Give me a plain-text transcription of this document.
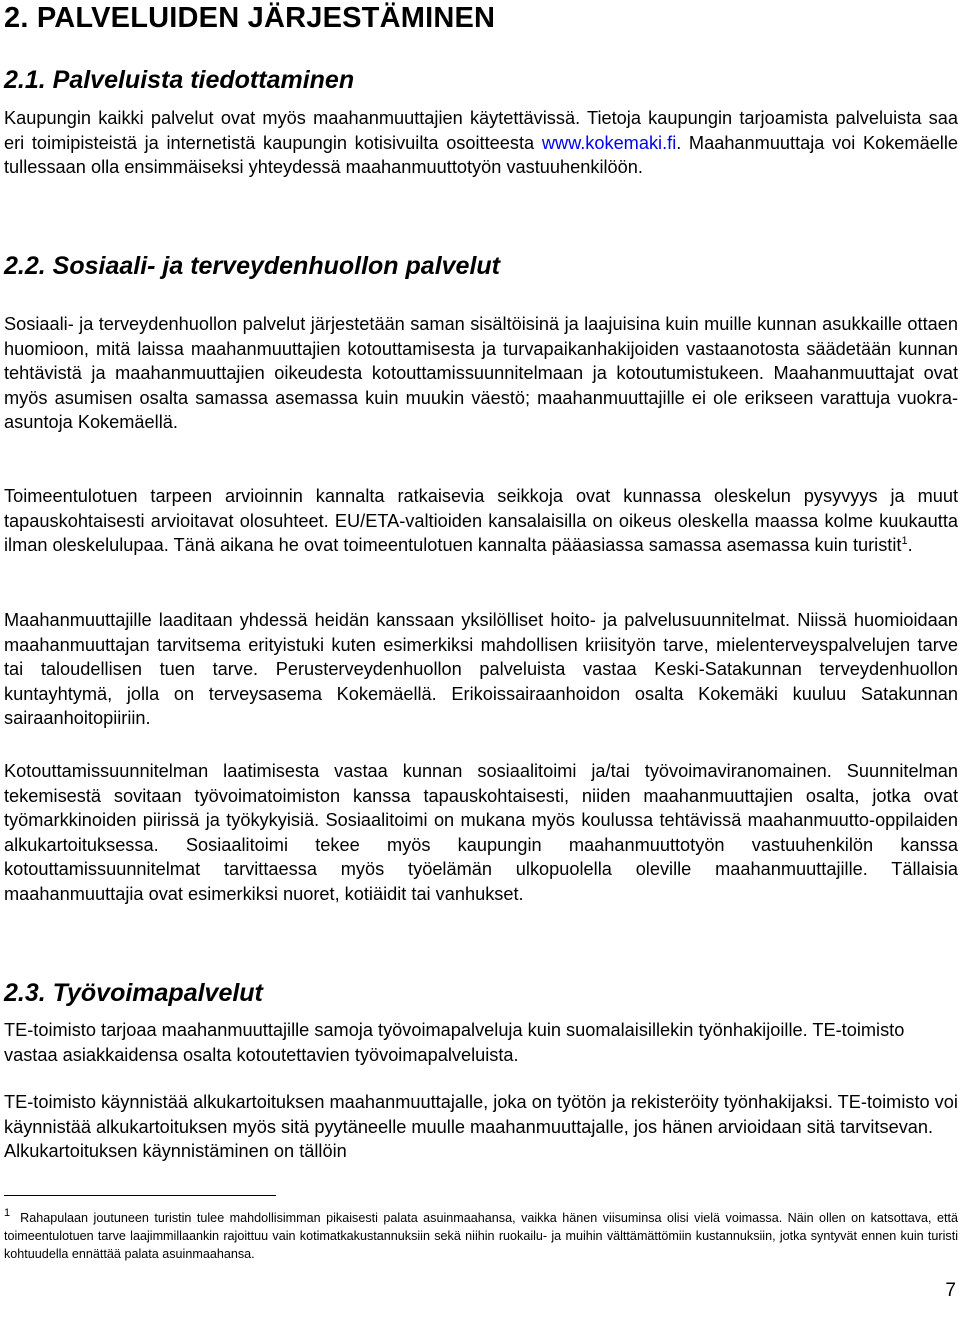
2. PALVELUIDEN JÄRJESTÄMINEN
2.1. Palveluista tiedottaminen

Kaupungin kaikki palvelut ovat myös maahanmuuttajien käytettävissä. Tietoja kaupungin tarjoamista palveluista saa eri toimipisteistä ja internetistä kaupungin kotisivuilta osoitteesta www.kokemaki.fi. Maahanmuuttaja voi Kokemäelle tullessaan olla ensimmäiseksi yhteydessä maahanmuuttotyön vastuuhenkilöön.

2.2. Sosiaali- ja terveydenhuollon palvelut

Sosiaali- ja terveydenhuollon palvelut järjestetään saman sisältöisinä ja laajuisina kuin muille kunnan asukkaille ottaen huomioon, mitä laissa maahanmuuttajien kotouttamisesta ja turvapaikanhakijoiden vastaanotosta säädetään kunnan tehtävistä ja maahanmuuttajien oikeudesta kotouttamissuunnitelmaan ja kotoutumistukeen. Maahanmuuttajat ovat myös asumisen osalta samassa asemassa kuin muukin väestö; maahanmuuttajille ei ole erikseen varattuja vuokra-asuntoja Kokemäellä.

Toimeentulotuen tarpeen arvioinnin kannalta ratkaisevia seikkoja ovat kunnassa oleskelun pysyvyys ja muut tapauskohtaisesti arvioitavat olosuhteet. EU/ETA-valtioiden kansalaisilla on oikeus oleskella maassa kolme kuukautta ilman oleskelulupaa. Tänä aikana he ovat toimeentulotuen kannalta pääasiassa samassa asemassa kuin turistit$^1$.

Maahanmuuttajille laaditaan yhdessä heidän kanssaan yksilölliset hoito- ja palvelusuunnitelmat. Niissä huomioidaan maahanmuuttajan tarvitsema erityistuki kuten esimerkiksi mahdollisen kriisityön tarve, mielenterveyspalvelujen tarve tai taloudellisen tuen tarve. Perusterveydenhuollon palveluista vastaa Keski-Satakunnan terveydenhuollon kuntayhtymä, jolla on terveysasema Kokemäellä. Erikoissairaanhoidon osalta Kokemäki kuuluu Satakunnan sairaanhoitopiiriin.

Kotouttamissuunnitelman laatimisesta vastaa kunnan sosiaalitoimi ja/tai työvoimaviranomainen. Suunnitelman tekemisestä sovitaan työvoimatoimiston kanssa tapauskohtaisesti, niiden maahanmuuttajien osalta, jotka ovat työmarkkinoiden piirissä ja työkykyisiä. Sosiaalitoimi on mukana myös koulussa tehtävissä maahanmuutto-oppilaiden alkukartoituksessa. Sosiaalitoimi tekee myös kaupungin maahanmuuttotyön vastuuhenkilön kanssa kotouttamissuunnitelmat tarvittaessa myös työelämän ulkopuolella oleville maahanmuuttajille. Tällaisia maahanmuuttajia ovat esimerkiksi nuoret, kotiäidit tai vanhukset.

2.3. Työvoimapalvelut

TE-toimisto tarjoaa maahanmuuttajille samoja työvoimapalveluja kuin suomalaisillekin työnhakijoille. TE-toimisto vastaa asiakkaidensa osalta kotoutettavien työvoimapalveluista.

TE-toimisto käynnistää alkukartoituksen maahanmuuttajalle, joka on työtön ja rekisteröity työnhakijaksi. TE-toimisto voi käynnistää alkukartoituksen myös sitä pyytäneelle muulle maahanmuuttajalle, jos hänen arvioidaan sitä tarvitsevan. Alkukartoituksen käynnistäminen on tällöin

1 Rahapulaan joutuneen turistin tulee mahdollisimman pikaisesti palata asuinmaahansa, vaikka hänen viisuminsa olisi vielä voimassa. Näin ollen on katsottava, että toimeentulotuen tarve laajimmillaankin rajoittuu vain kotimatkakustannuksiin sekä niihin ruokailu- ja muihin välttämättömiin kustannuksiin, jotka syntyvät ennen kuin turisti kohtuudella ennättää palata asuinmaahansa.

7
